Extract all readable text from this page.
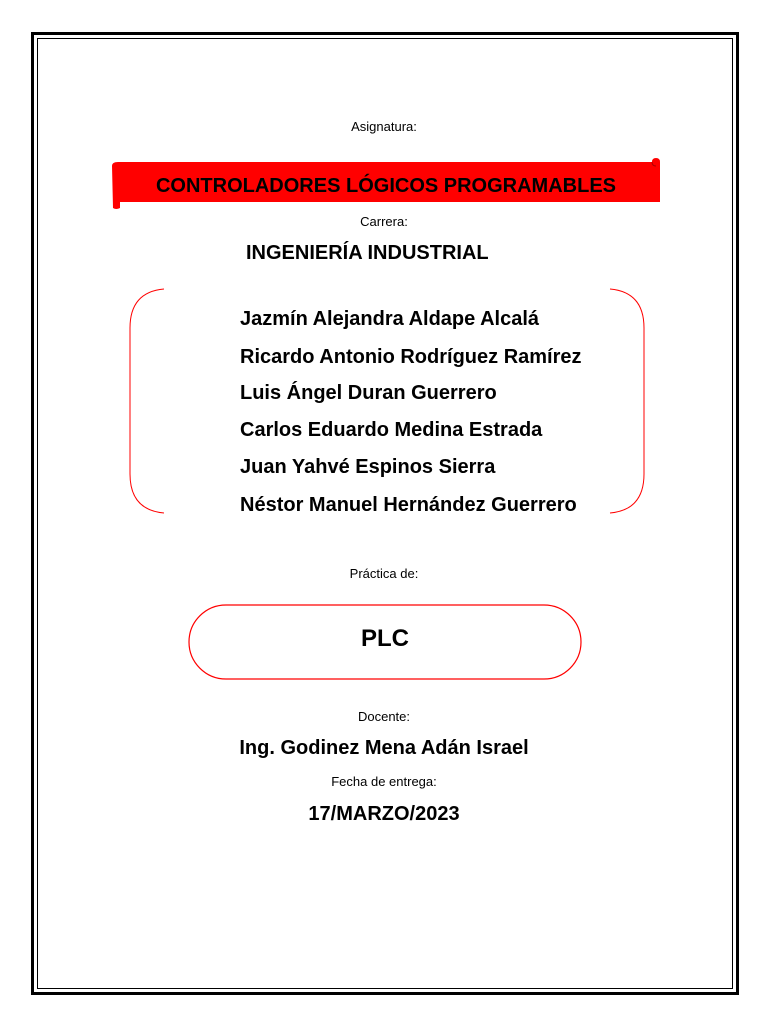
Asignatura:
CONTROLADORES LÓGICOS PROGRAMABLES
Carrera:
INGENIERÍA INDUSTRIAL
Jazmín Alejandra Aldape Alcalá
Ricardo Antonio Rodríguez Ramírez
Luis Ángel Duran Guerrero
Carlos Eduardo Medina Estrada
Juan Yahvé Espinos Sierra
Néstor Manuel Hernández Guerrero
Práctica de:
PLC
Docente:
Ing. Godinez Mena Adán Israel
Fecha de entrega:
17/MARZO/2023
